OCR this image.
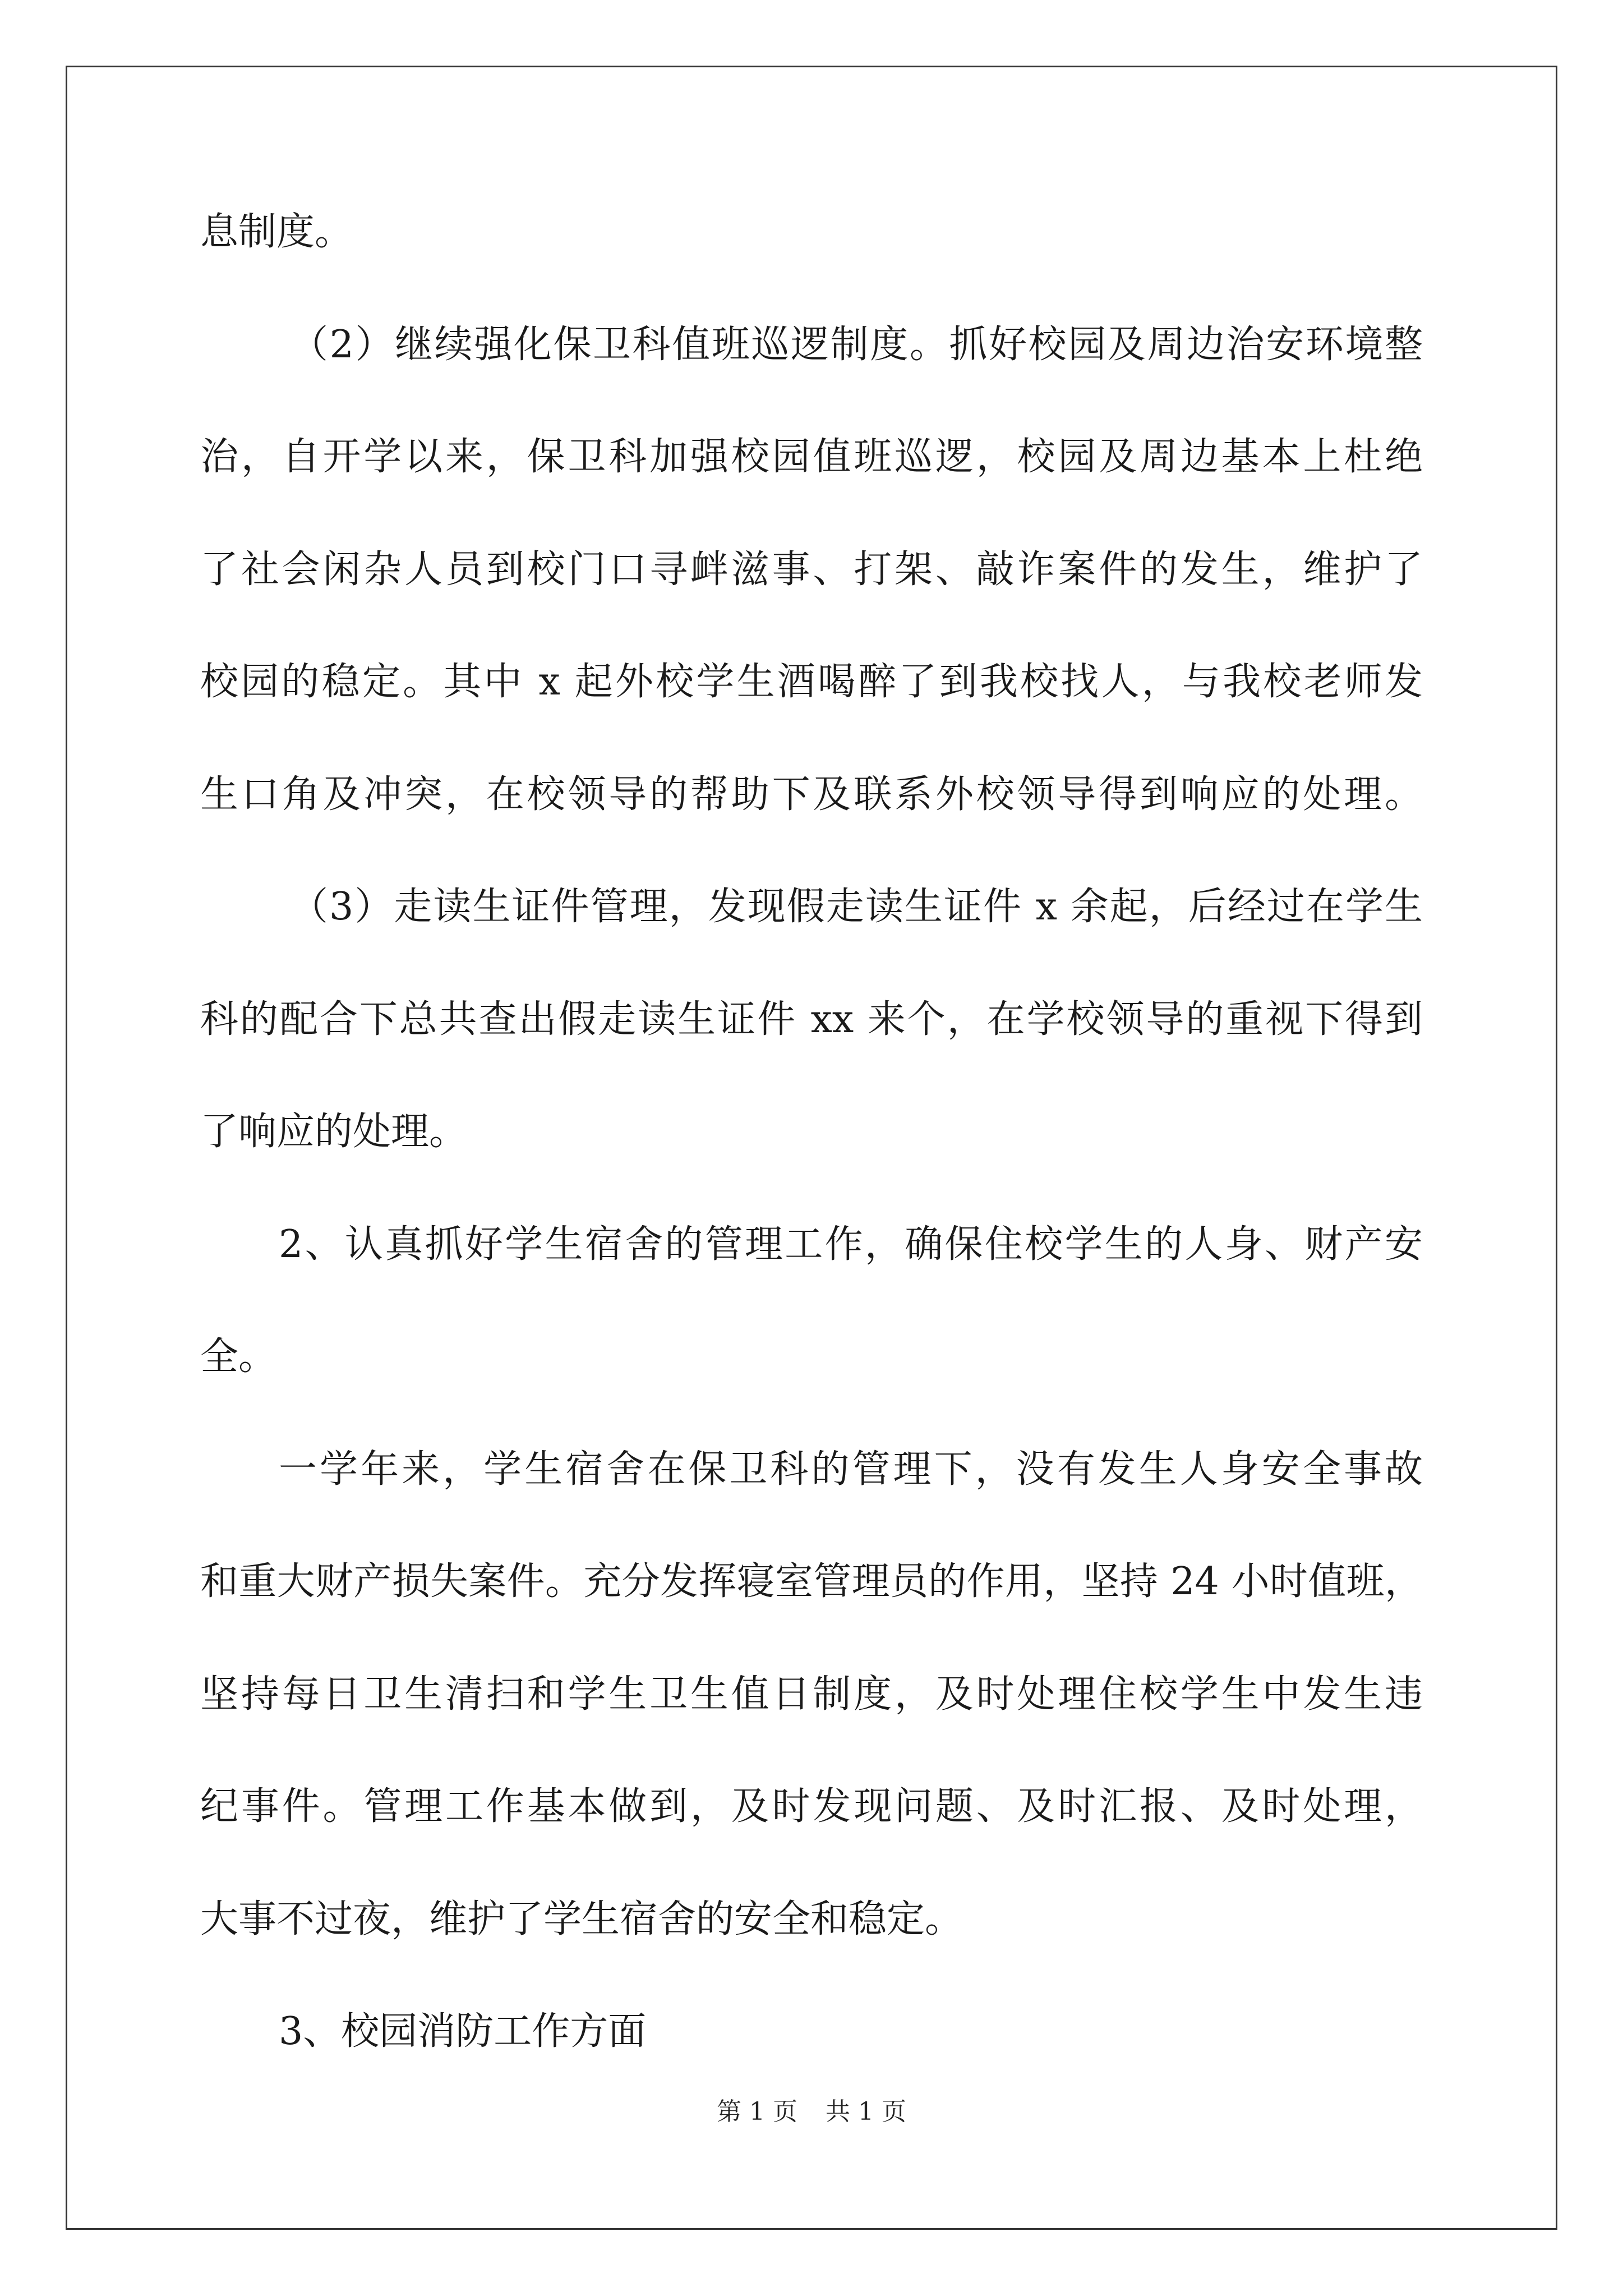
息制度。
（2）继续强化保卫科值班巡逻制度。抓好校园及周边治安环境整
治，自开学以来，保卫科加强校园值班巡逻，校园及周边基本上杜绝
了社会闲杂人员到校门口寻衅滋事、打架、敲诈案件的发生，维护了
校园的稳定。其中 x 起外校学生酒喝醉了到我校找人，与我校老师发
生口角及冲突，在校领导的帮助下及联系外校领导得到响应的处理。
（3）走读生证件管理，发现假走读生证件 x 余起，后经过在学生
科的配合下总共查出假走读生证件 xx 来个，在学校领导的重视下得到
了响应的处理。
2、认真抓好学生宿舍的管理工作，确保住校学生的人身、财产安
全。
一学年来，学生宿舍在保卫科的管理下，没有发生人身安全事故
和重大财产损失案件。充分发挥寝室管理员的作用，坚持 24 小时值班，
坚持每日卫生清扫和学生卫生值日制度，及时处理住校学生中发生违
纪事件。管理工作基本做到，及时发现问题、及时汇报、及时处理，
大事不过夜，维护了学生宿舍的安全和稳定。
3、校园消防工作方面
第 1 页 共 1 页
